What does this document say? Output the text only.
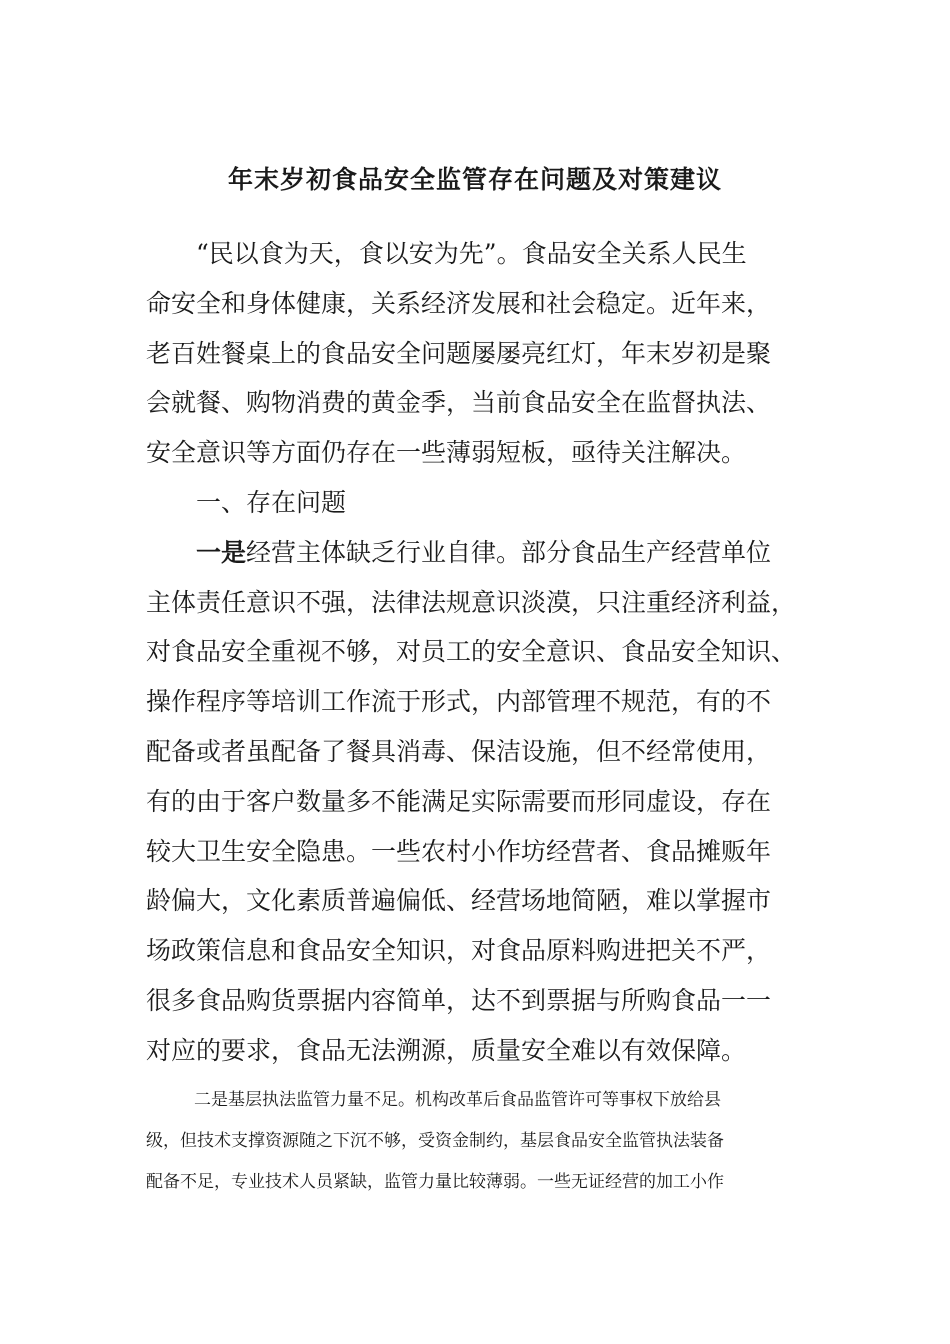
年末岁初食品安全监管存在问题及对策建议
“民以食为天，食以安为先”。食品安全关系人民生
命安全和身体健康，关系经济发展和社会稳定。近年来，
老百姓餐桌上的食品安全问题屡屡亮红灯，年末岁初是聚
会就餐、购物消费的黄金季，当前食品安全在监督执法、
安全意识等方面仍存在一些薄弱短板，亟待关注解决。
一、存在问题
一是经营主体缺乏行业自律。部分食品生产经营单位
主体责任意识不强，法律法规意识淡漠，只注重经济利益，
对食品安全重视不够，对员工的安全意识、食品安全知识、
操作程序等培训工作流于形式，内部管理不规范，有的不
配备或者虽配备了餐具消毒、保洁设施，但不经常使用，
有的由于客户数量多不能满足实际需要而形同虚设，存在
较大卫生安全隐患。一些农村小作坊经营者、食品摊贩年
龄偏大，文化素质普遍偏低、经营场地简陋，难以掌握市
场政策信息和食品安全知识，对食品原料购进把关不严，
很多食品购货票据内容简单，达不到票据与所购食品一一
对应的要求，食品无法溯源，质量安全难以有效保障。
二是基层执法监管力量不足。机构改革后食品监管许可等事权下放给县
级，但技术支撑资源随之下沉不够，受资金制约，基层食品安全监管执法装备
配备不足，专业技术人员紧缺，监管力量比较薄弱。一些无证经营的加工小作
